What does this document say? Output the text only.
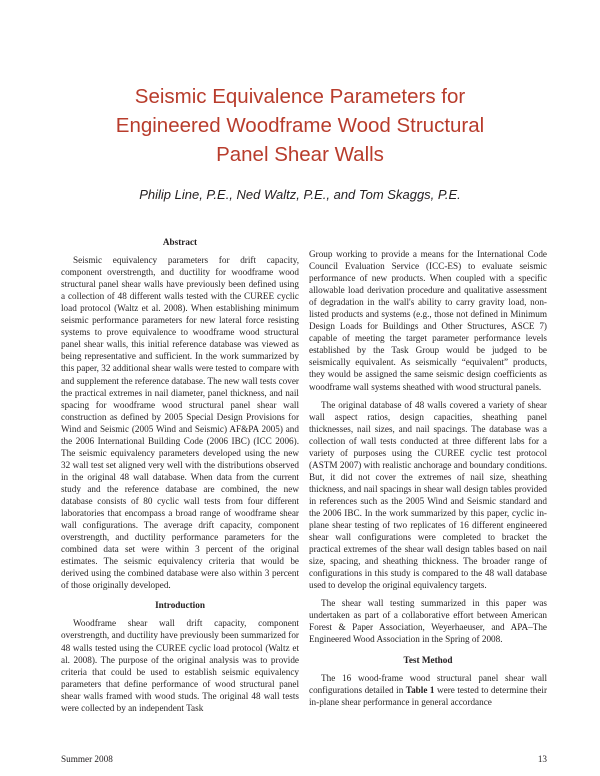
Seismic Equivalence Parameters for
Engineered Woodframe Wood Structural
Panel Shear Walls
Philip Line, P.E., Ned Waltz, P.E., and Tom Skaggs, P.E.
Abstract

Seismic equivalency parameters for drift capacity, component overstrength, and ductility for woodframe wood structural panel shear walls have previously been defined using a collection of 48 different walls tested with the CUREE cyclic load protocol (Waltz et al. 2008). When establishing minimum seismic performance parameters for new lateral force resisting systems to prove equivalence to woodframe wood structural panel shear walls, this initial reference database was viewed as being representative and sufficient. In the work summarized by this paper, 32 additional shear walls were tested to compare with and supplement the reference database. The new wall tests cover the practical extremes in nail diameter, panel thickness, and nail spacing for woodframe wood structural panel shear wall construction as defined by 2005 Special Design Provisions for Wind and Seismic (2005 Wind and Seismic) AF&PA 2005) and the 2006 International Building Code (2006 IBC) (ICC 2006). The seismic equivalency parameters developed using the new 32 wall test set aligned very well with the distributions observed in the original 48 wall database. When data from the current study and the reference database are combined, the new database consists of 80 cyclic wall tests from four different laboratories that encompass a broad range of woodframe shear wall configurations. The average drift capacity, component overstrength, and ductility performance parameters for the combined data set were within 3 percent of the original estimates. The seismic equivalency criteria that would be derived using the combined database were also within 3 percent of those originally developed.

Introduction

Woodframe shear wall drift capacity, component overstrength, and ductility have previously been summarized for 48 walls tested using the CUREE cyclic load protocol (Waltz et al. 2008). The purpose of the original analysis was to provide criteria that could be used to establish seismic equivalency parameters that define performance of wood structural panel shear walls framed with wood studs. The original 48 wall tests were collected by an independent Task

Group working to provide a means for the International Code Council Evaluation Service (ICC-ES) to evaluate seismic performance of new products. When coupled with a specific allowable load derivation procedure and qualitative assessment of degradation in the wall's ability to carry gravity load, non-listed products and systems (e.g., those not defined in Minimum Design Loads for Buildings and Other Structures, ASCE 7) capable of meeting the target parameter performance levels established by the Task Group would be judged to be seismically equivalent. As seismically “equivalent” products, they would be assigned the same seismic design coefficients as woodframe wall systems sheathed with wood structural panels.

The original database of 48 walls covered a variety of shear wall aspect ratios, design capacities, sheathing panel thicknesses, nail sizes, and nail spacings. The database was a collection of wall tests conducted at three different labs for a variety of purposes using the CUREE cyclic test protocol (ASTM 2007) with realistic anchorage and boundary conditions. But, it did not cover the extremes of nail size, sheathing thickness, and nail spacings in shear wall design tables provided in references such as the 2005 Wind and Seismic standard and the 2006 IBC. In the work summarized by this paper, cyclic in-plane shear testing of two replicates of 16 different engineered shear wall configurations were completed to bracket the practical extremes of the shear wall design tables based on nail size, spacing, and sheathing thickness. The broader range of configurations in this study is compared to the 48 wall database used to develop the original equivalency targets.

The shear wall testing summarized in this paper was undertaken as part of a collaborative effort between American Forest & Paper Association, Weyerhaeuser, and APA–The Engineered Wood Association in the Spring of 2008.

Test Method

The 16 wood-frame wood structural panel shear wall configurations detailed in Table 1 were tested to determine their in-plane shear performance in general accordance

Summer 2008	13
